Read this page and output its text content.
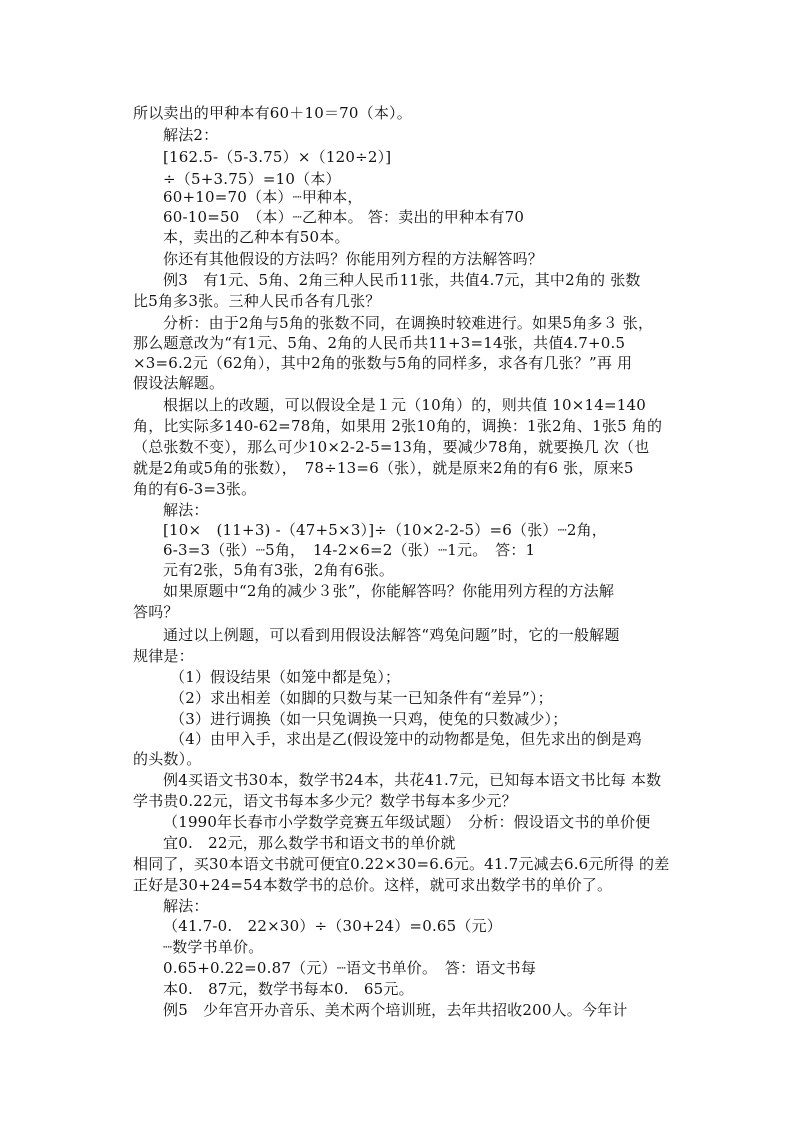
所以卖出的甲种本有60＋10＝70（本）。
解法2：
[162.5-（5-3.75）×（120÷2）]
÷（5+3.75）=10（本）
60+10=70（本）┈甲种本，
60-10=50　（本）┈乙种本。 答：卖出的甲种本有70
本，卖出的乙种本有50本。
你还有其他假设的方法吗？你能用列方程的方法解答吗？
例3　有1元、5角、2角三种人民币11张，共值4.7元，其中2角的 张数
比5角多3张。三种人民币各有几张？
分析：由于2角与5角的张数不同，在调换时较难进行。如果5角多３ 张，
那么题意改为“有1元、5角、2角的人民币共11+3=14张，共值4.7+0.5
×3=6.2元（62角），其中2角的张数与5角的同样多，求各有几张？”再 用
假设法解题。
根据以上的改题，可以假设全是１元（10角）的，则共值 10×14=140
角，比实际多140-62=78角，如果用 2张10角的，调换：1张2角、1张5 角的
（总张数不变），那么可少10×2-2-5=13角，要减少78角，就要换几 次（也
就是2角或5角的张数），　78÷13=6（张），就是原来2角的有6 张，原来5
角的有6-3=3张。
解法：
[10×　(11+3) -（47+5×3）]÷（10×2-2-5）=6（张）┈2角，
6-3=3（张）┈5角，　14-2×6=2（张）┈1元。　答：1
元有2张，5角有3张，2角有6张。
如果原题中“2角的减少３张”，你能解答吗？你能用列方程的方法解
答吗？
通过以上例题，可以看到用假设法解答“鸡兔问题”时，它的一般解题
规律是：
（1）假设结果（如笼中都是兔）；
（2）求出相差（如脚的只数与某一已知条件有“差异”）；
（3）进行调换（如一只兔调换一只鸡，使兔的只数减少）；
（4）由甲入手，求出是乙(假设笼中的动物都是兔，但先求出的倒是鸡
的头数）。
例4买语文书30本，数学书24本，共花41.7元，已知每本语文书比每 本数
学书贵0.22元，语文书每本多少元？数学书每本多少元？
（1990年长春市小学数学竞赛五年级试题）　分析：假设语文书的单价便
宜0.　22元，那么数学书和语文书的单价就
相同了，买30本语文书就可便宜0.22×30=6.6元。41.7元减去6.6元所得 的差
正好是30+24=54本数学书的总价。这样，就可求出数学书的单价了。
解法：
（41.7-0.　22×30）÷（30+24）=0.65（元）
┈数学书单价。
0.65+0.22=0.87（元）┈语文书单价。　答：语文书每
本0.　87元，数学书每本0.　65元。
例5　少年宫开办音乐、美术两个培训班，去年共招收200人。今年计
